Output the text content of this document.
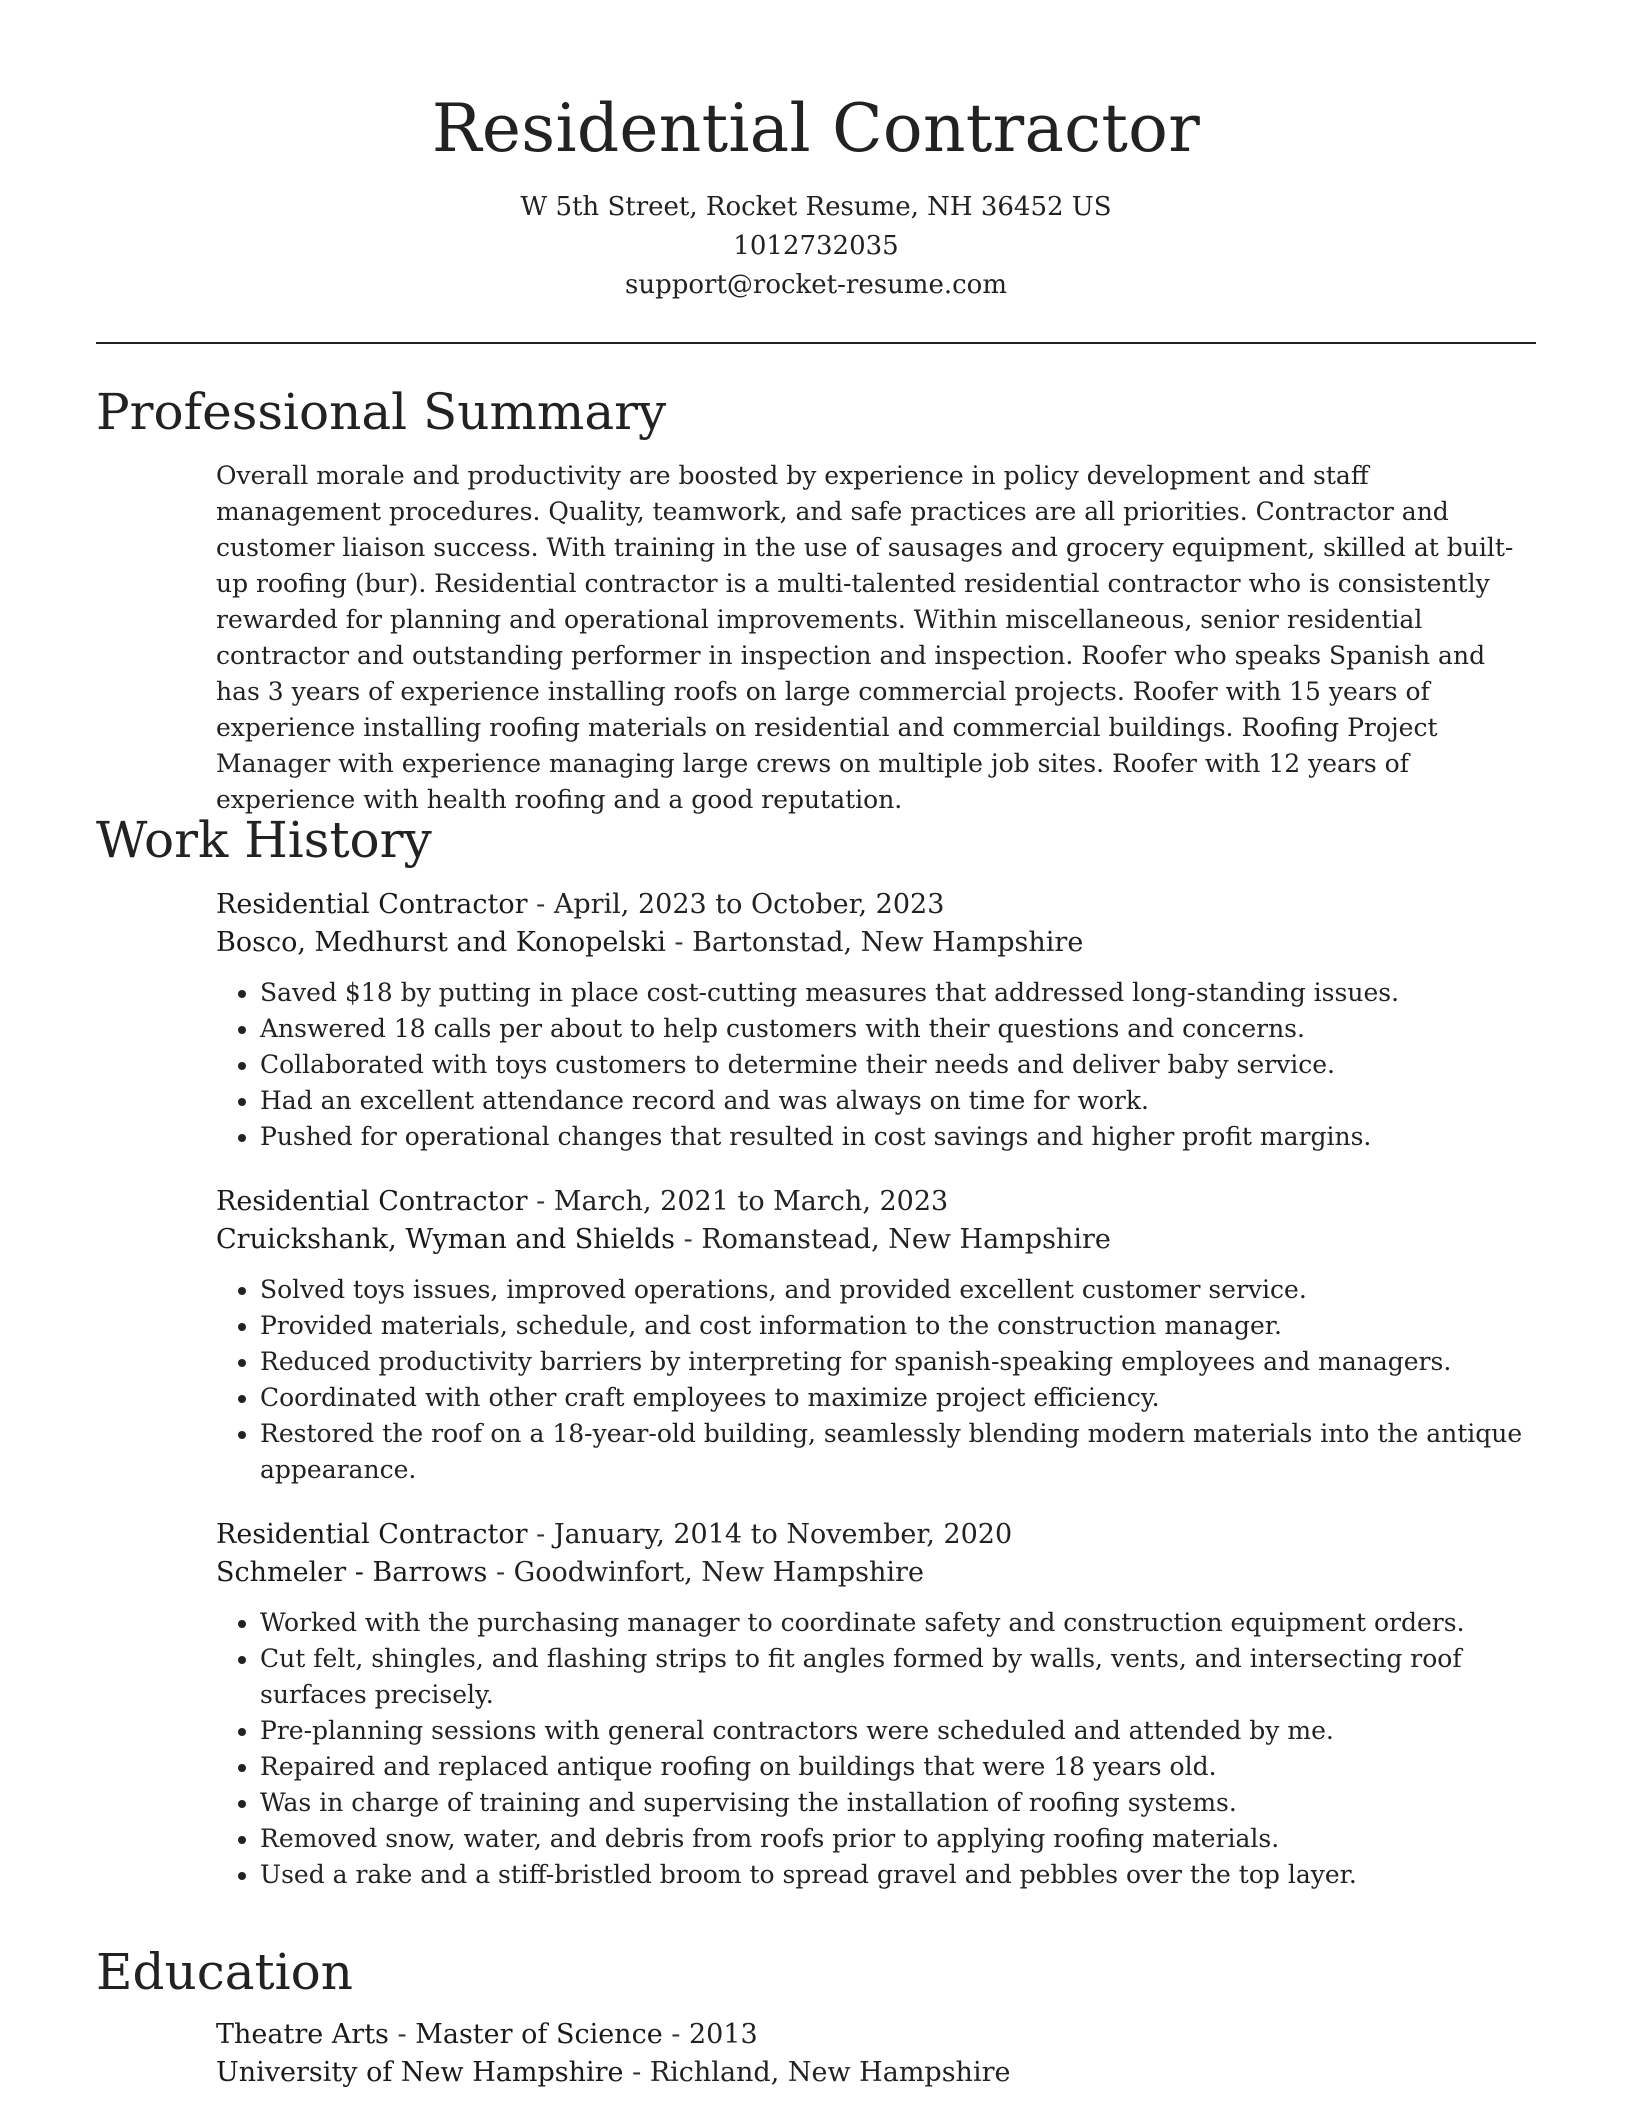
Residential Contractor
W 5th Street, Rocket Resume, NH 36452 US
1012732035
support@rocket-resume.com
Professional Summary

Overall morale and productivity are boosted by experience in policy development and staff management procedures. Quality, teamwork, and safe practices are all priorities. Contractor and customer liaison success. With training in the use of sausages and grocery equipment, skilled at built-up roofing (bur). Residential contractor is a multi-talented residential contractor who is consistently rewarded for planning and operational improvements. Within miscellaneous, senior residential contractor and outstanding performer in inspection and inspection. Roofer who speaks Spanish and has 3 years of experience installing roofs on large commercial projects. Roofer with 15 years of experience installing roofing materials on residential and commercial buildings. Roofing Project Manager with experience managing large crews on multiple job sites. Roofer with 12 years of experience with health roofing and a good reputation.

Work History
Residential Contractor - April, 2023 to October, 2023
Bosco, Medhurst and Konopelski - Bartonstad, New Hampshire
• Saved $18 by putting in place cost-cutting measures that addressed long-standing issues.
• Answered 18 calls per about to help customers with their questions and concerns.
• Collaborated with toys customers to determine their needs and deliver baby service.
• Had an excellent attendance record and was always on time for work.
• Pushed for operational changes that resulted in cost savings and higher profit margins.
Residential Contractor - March, 2021 to March, 2023
Cruickshank, Wyman and Shields - Romanstead, New Hampshire
• Solved toys issues, improved operations, and provided excellent customer service.
• Provided materials, schedule, and cost information to the construction manager.
• Reduced productivity barriers by interpreting for spanish-speaking employees and managers.
• Coordinated with other craft employees to maximize project efficiency.
• Restored the roof on a 18-year-old building, seamlessly blending modern materials into the antique appearance.
Residential Contractor - January, 2014 to November, 2020
Schmeler - Barrows - Goodwinfort, New Hampshire
• Worked with the purchasing manager to coordinate safety and construction equipment orders.
• Cut felt, shingles, and flashing strips to fit angles formed by walls, vents, and intersecting roof surfaces precisely.
• Pre-planning sessions with general contractors were scheduled and attended by me.
• Repaired and replaced antique roofing on buildings that were 18 years old.
• Was in charge of training and supervising the installation of roofing systems.
• Removed snow, water, and debris from roofs prior to applying roofing materials.
• Used a rake and a stiff-bristled broom to spread gravel and pebbles over the top layer.
Education
Theatre Arts - Master of Science - 2013
University of New Hampshire - Richland, New Hampshire
